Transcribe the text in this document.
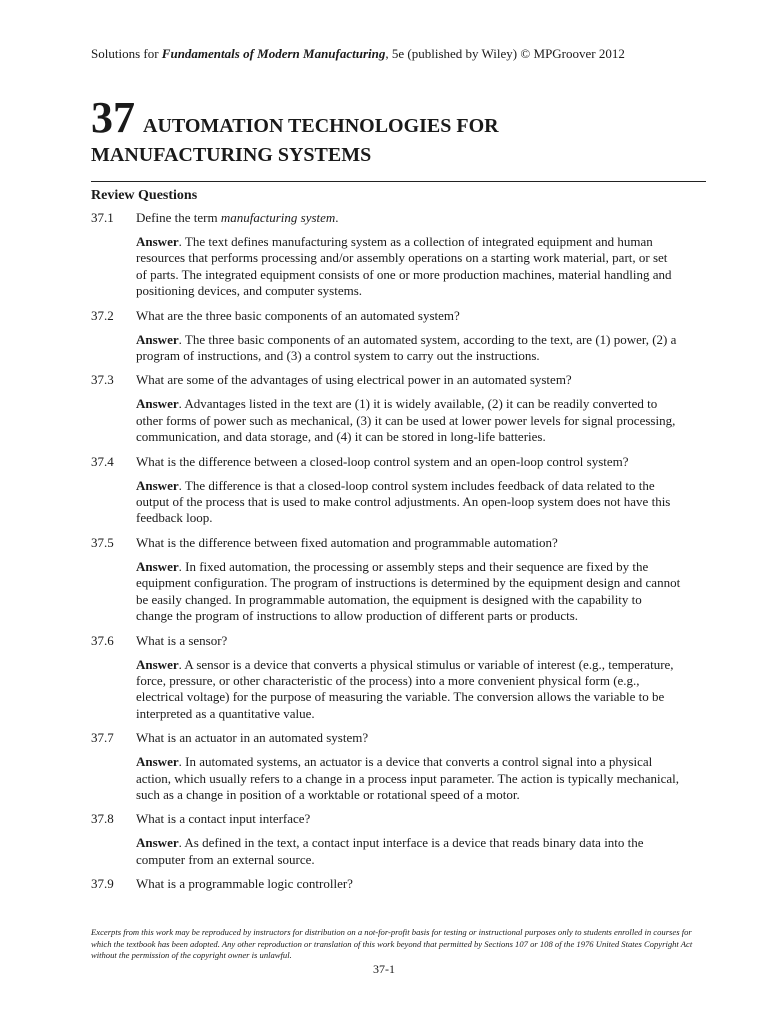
Solutions for Fundamentals of Modern Manufacturing, 5e (published by Wiley) © MPGroover 2012
37 AUTOMATION TECHNOLOGIES FOR
MANUFACTURING SYSTEMS
Review Questions
37.1	Define the term manufacturing system.
Answer. The text defines manufacturing system as a collection of integrated equipment and human resources that performs processing and/or assembly operations on a starting work material, part, or set of parts. The integrated equipment consists of one or more production machines, material handling and positioning devices, and computer systems.
37.2	What are the three basic components of an automated system?
Answer. The three basic components of an automated system, according to the text, are (1) power, (2) a program of instructions, and (3) a control system to carry out the instructions.
37.3	What are some of the advantages of using electrical power in an automated system?
Answer. Advantages listed in the text are (1) it is widely available, (2) it can be readily converted to other forms of power such as mechanical, (3) it can be used at lower power levels for signal processing, communication, and data storage, and (4) it can be stored in long-life batteries.
37.4	What is the difference between a closed-loop control system and an open-loop control system?
Answer. The difference is that a closed-loop control system includes feedback of data related to the output of the process that is used to make control adjustments. An open-loop system does not have this feedback loop.
37.5	What is the difference between fixed automation and programmable automation?
Answer. In fixed automation, the processing or assembly steps and their sequence are fixed by the equipment configuration. The program of instructions is determined by the equipment design and cannot be easily changed. In programmable automation, the equipment is designed with the capability to change the program of instructions to allow production of different parts or products.
37.6	What is a sensor?
Answer. A sensor is a device that converts a physical stimulus or variable of interest (e.g., temperature, force, pressure, or other characteristic of the process) into a more convenient physical form (e.g., electrical voltage) for the purpose of measuring the variable. The conversion allows the variable to be interpreted as a quantitative value.
37.7	What is an actuator in an automated system?
Answer. In automated systems, an actuator is a device that converts a control signal into a physical action, which usually refers to a change in a process input parameter. The action is typically mechanical, such as a change in position of a worktable or rotational speed of a motor.
37.8	What is a contact input interface?
Answer. As defined in the text, a contact input interface is a device that reads binary data into the computer from an external source.
37.9	What is a programmable logic controller?
Excerpts from this work may be reproduced by instructors for distribution on a not-for-profit basis for testing or instructional purposes only to students enrolled in courses for which the textbook has been adopted. Any other reproduction or translation of this work beyond that permitted by Sections 107 or 108 of the 1976 United States Copyright Act without the permission of the copyright owner is unlawful.
37-1
